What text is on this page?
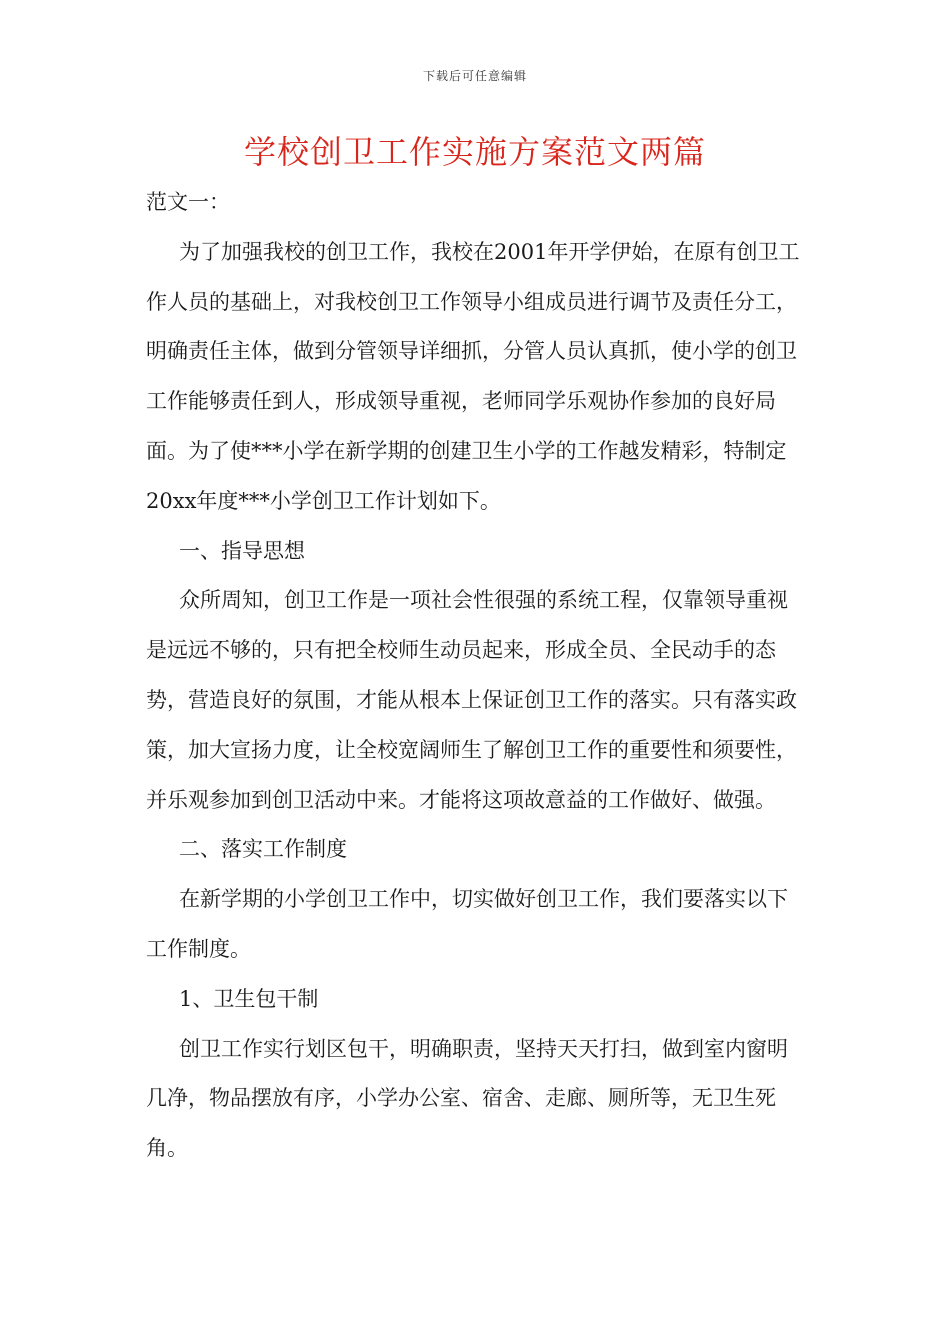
下载后可任意编辑
学校创卫工作实施方案范文两篇

范文一：

为了加强我校的创卫工作，我校在2001年开学伊始，在原有创卫工作人员的基础上，对我校创卫工作领导小组成员进行调节及责任分工，明确责任主体，做到分管领导详细抓，分管人员认真抓，使小学的创卫工作能够责任到人，形成领导重视，老师同学乐观协作参加的良好局面。为了使***小学在新学期的创建卫生小学的工作越发精彩，特制定20xx年度***小学创卫工作计划如下。

一、指导思想

众所周知，创卫工作是一项社会性很强的系统工程，仅靠领导重视是远远不够的，只有把全校师生动员起来，形成全员、全民动手的态势，营造良好的氛围，才能从根本上保证创卫工作的落实。只有落实政策，加大宣扬力度，让全校宽阔师生了解创卫工作的重要性和须要性，并乐观参加到创卫活动中来。才能将这项故意益的工作做好、做强。

二、落实工作制度

在新学期的小学创卫工作中，切实做好创卫工作，我们要落实以下工作制度。

1、卫生包干制

创卫工作实行划区包干，明确职责，坚持天天打扫，做到室内窗明几净，物品摆放有序，小学办公室、宿舍、走廊、厕所等，无卫生死角。
